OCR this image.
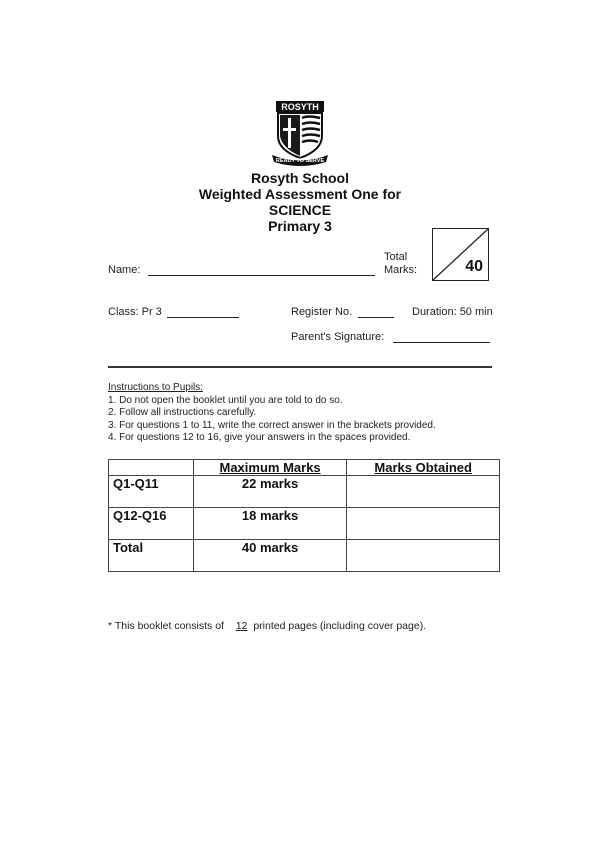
ROSYTH
READY TO SERVE
Rosyth School
Weighted Assessment One for
SCIENCE
Primary 3
Name:
Total
Marks:	40
Class: Pr 3	Register No.	Duration: 50 min
Parent's Signature:
Instructions to Pupils:
1. Do not open the booklet until you are told to do so.
2. Follow all instructions carefully.
3. For questions 1 to 11, write the correct answer in the brackets provided.
4. For questions 12 to 16, give your answers in the spaces provided.
	Maximum Marks	Marks Obtained
Q1-Q11	22 marks	
Q12-Q16	18 marks	
Total	40 marks	
* This booklet consists of 12 printed pages (including cover page).
